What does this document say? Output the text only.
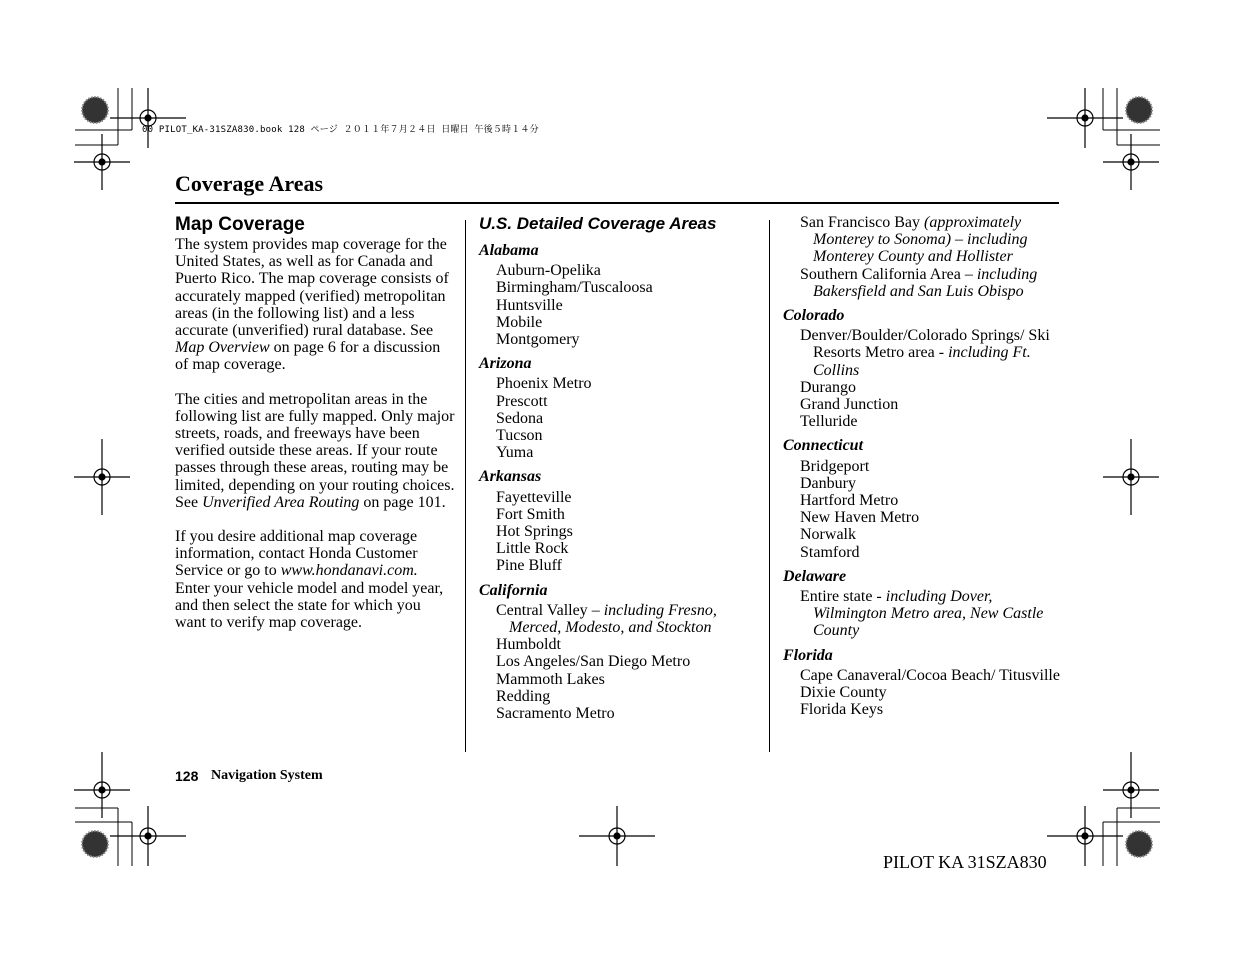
00 PILOT_KA-31SZA830.book 128 ページ ２０１１年７月２４日 日曜日 午後５時１４分
Coverage Areas
Map Coverage

The system provides map coverage for the United States, as well as for Canada and Puerto Rico. The map coverage consists of accurately mapped (verified) metropolitan areas (in the following list) and a less accurate (unverified) rural database. See Map Overview on page 6 for a discussion of map coverage.

The cities and metropolitan areas in the following list are fully mapped. Only major streets, roads, and freeways have been verified outside these areas. If your route passes through these areas, routing may be limited, depending on your routing choices. See Unverified Area Routing on page 101.

If you desire additional map coverage information, contact Honda Customer Service or go to www.hondanavi.com. Enter your vehicle model and model year, and then select the state for which you want to verify map coverage.

U.S. Detailed Coverage Areas
Alabama
Auburn-Opelika
Birmingham/Tuscaloosa
Huntsville
Mobile
Montgomery
Arizona
Phoenix Metro
Prescott
Sedona
Tucson
Yuma
Arkansas
Fayetteville
Fort Smith
Hot Springs
Little Rock
Pine Bluff
California
Central Valley – including Fresno, Merced, Modesto, and Stockton
Humboldt
Los Angeles/San Diego Metro
Mammoth Lakes
Redding
Sacramento Metro
San Francisco Bay (approximately Monterey to Sonoma) – including Monterey County and Hollister
Southern California Area – including Bakersfield and San Luis Obispo
Colorado
Denver/Boulder/Colorado Springs/ Ski Resorts Metro area - including Ft. Collins
Durango
Grand Junction
Telluride
Connecticut
Bridgeport
Danbury
Hartford Metro
New Haven Metro
Norwalk
Stamford
Delaware
Entire state - including Dover, Wilmington Metro area, New Castle County
Florida
Cape Canaveral/Cocoa Beach/ Titusville
Dixie County
Florida Keys
128 Navigation System
PILOT KA 31SZA830
